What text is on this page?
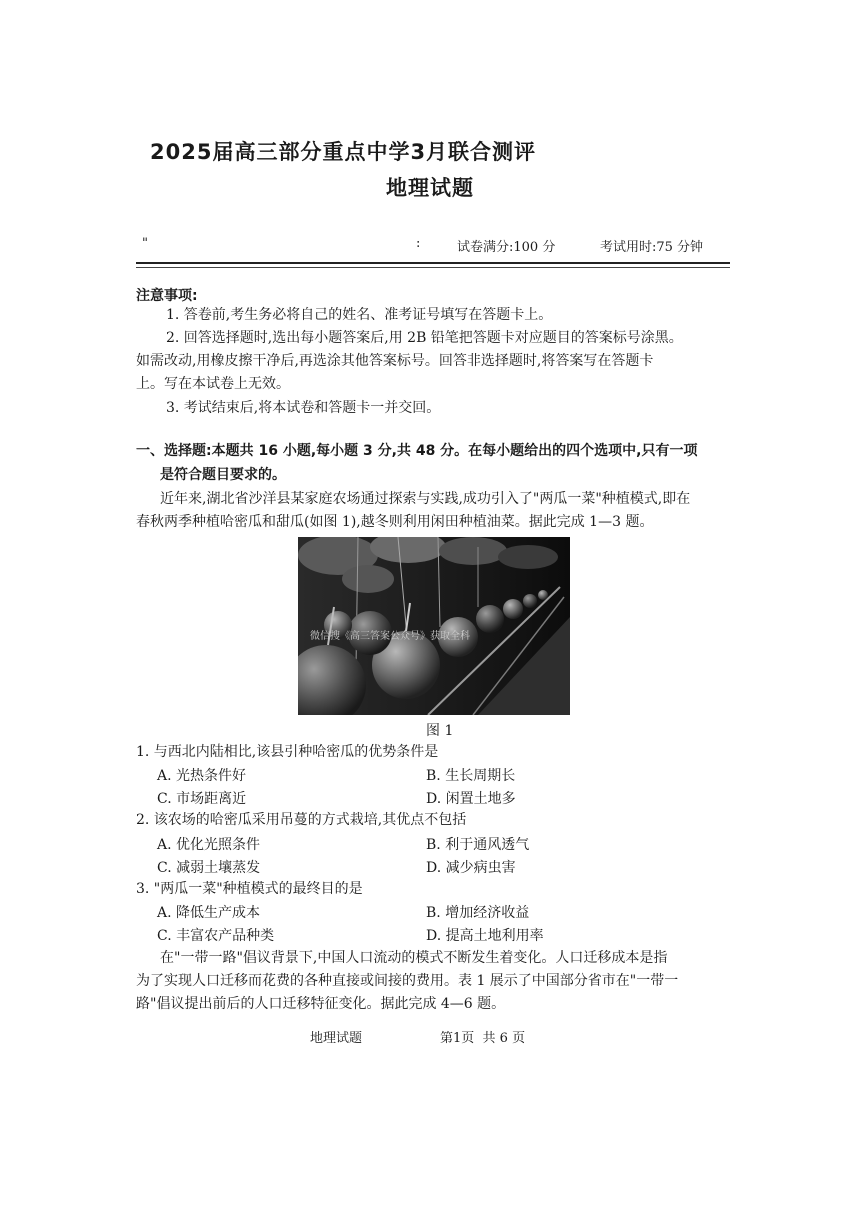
2025届高三部分重点中学3月联合测评
地理试题
"	:	试卷满分:100 分	考试用时:75 分钟
注意事项:
1. 答卷前,考生务必将自己的姓名、准考证号填写在答题卡上。
2. 回答选择题时,选出每小题答案后,用 2B 铅笔把答题卡对应题目的答案标号涂黑。
如需改动,用橡皮擦干净后,再选涂其他答案标号。回答非选择题时,将答案写在答题卡
上。写在本试卷上无效。
3. 考试结束后,将本试卷和答题卡一并交回。
一、选择题:本题共 16 小题,每小题 3 分,共 48 分。在每小题给出的四个选项中,只有一项
是符合题目要求的。
近年来,湖北省沙洋县某家庭农场通过探索与实践,成功引入了"两瓜一菜"种植模式,即在
春秋两季种植哈密瓜和甜瓜(如图 1),越冬则利用闲田种植油菜。据此完成 1—3 题。
微信搜《高三答案公众号》获取全科
图 1
1. 与西北内陆相比,该县引种哈密瓜的优势条件是
A. 光热条件好	B. 生长周期长
C. 市场距离近	D. 闲置土地多
2. 该农场的哈密瓜采用吊蔓的方式栽培,其优点不包括
A. 优化光照条件	B. 利于通风透气
C. 减弱土壤蒸发	D. 减少病虫害
3. "两瓜一菜"种植模式的最终目的是
A. 降低生产成本	B. 增加经济收益
C. 丰富农产品种类	D. 提高土地利用率
在"一带一路"倡议背景下,中国人口流动的模式不断发生着变化。人口迁移成本是指
为了实现人口迁移而花费的各种直接或间接的费用。表 1 展示了中国部分省市在"一带一
路"倡议提出前后的人口迁移特征变化。据此完成 4—6 题。
地理试题	第1页  共 6 页
